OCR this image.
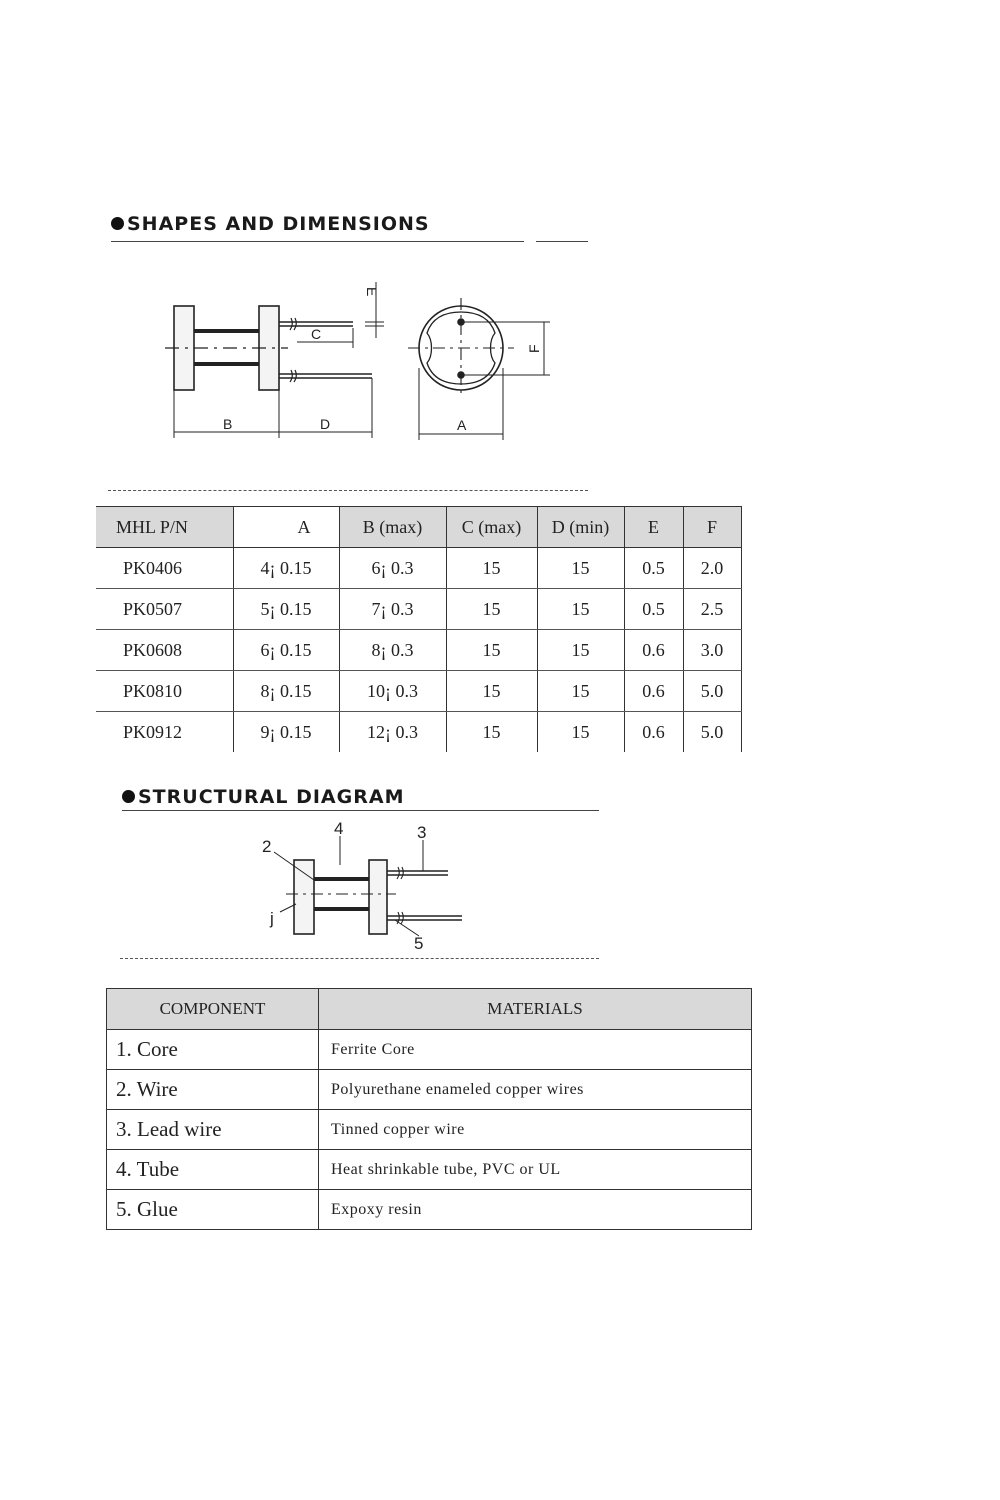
SHAPES AND DIMENSIONS
E
C
F
B	D	A
MHL P/N	A	B (max)	C (max)	D (min)	E	F
PK0406	4¡ 0.15	6¡ 0.3	15	15	0.5	2.0
PK0507	5¡ 0.15	7¡ 0.3	15	15	0.5	2.5
PK0608	6¡ 0.15	8¡ 0.3	15	15	0.6	3.0
PK0810	8¡ 0.15	10¡ 0.3	15	15	0.6	5.0
PK0912	9¡ 0.15	12¡ 0.3	15	15	0.6	5.0
STRUCTURAL DIAGRAM
2
4	3
j
5
COMPONENT	MATERIALS
1. Core	Ferrite Core
2. Wire	Polyurethane enameled copper wires
3. Lead wire	Tinned copper wire
4. Tube	Heat shrinkable tube, PVC or UL
5. Glue	Expoxy resin
